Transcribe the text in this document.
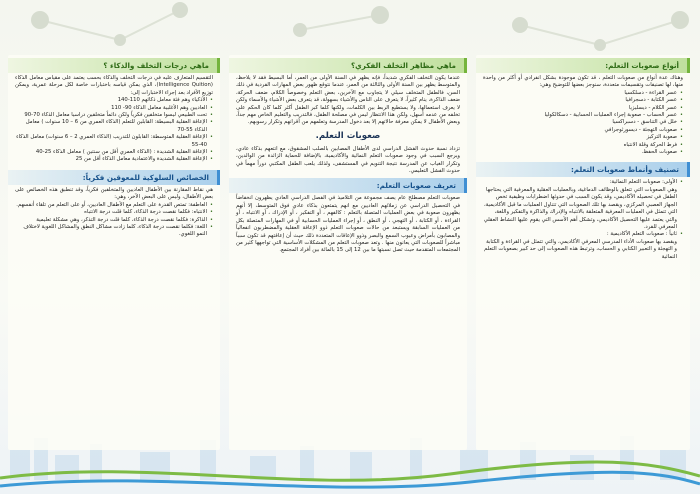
ماهي درجات التخلف والذكاء ؟

التقسيم المتعارف عليه في درجات التخلف والذكاء بحسب يعتمد على مقياس معامل الذكاء (Intelligence Quition)، الذي يمكن قياسه باختبارات خاصة لكل مرحلة عمرية، ويمكن توزيع الأفراد بعد إجراء الاختبارات إلى:

•
الأذكياء وهم فئة معامل ذكائهم 110-140
•
العاديين وهم الأغلبية معامل الذكاء 90- 110
•
تحت الطبيعي ليسوا متخلفين فكرياً ولكن دائماً متخلفين دراسيا معامل الذكاء 70-90
•
الإعاقة العقلية البسيطة: القابلين للتعلم (الذكاء العمري من 6 – 10 سنوات ) معامل الذكاء 55-70
•
الإعاقة العقلية المتوسطة: القابلون للتدريب (الذكاء العمري 2 – 6 سنوات) معامل الذكاء 40-55
•
الإعاقة العقلية الشديدة : (الذكاء العمري أقل من سنتين ) معامل الذكاء 25-40
•
الإعاقة العقلية الشديدة والاعتمادية معامل الذكاء أقل من 25
الخصائص السلوكية للمعوقين فكرياً:

هي نقاط المقارنة بين الأطفال العاديين والمتخلفين فكرياً، وقد تنطبق هذه الخصائص على بعض الأطفال، وليس على البعض الآخر، وهي:

•
العاطفة: تمتص القدرة على التعلم مع الأطفال العاديين، أو على التعلم من تلقاء أنفسهم.
•
الانتباه: فكلما نقصت درجة الذكاء، كلما قلت درجة الانتباه
•
الذاكرة: فكلما نقصت درجة الذكاء، كلما قلت درجة التذكر، وهي مشكلة تعليمية
•
اللغة: فكلما نقصت درجة الذكاء، كلما زادت مشاكل النطق والمشاكل اللغوية لاختلاف النمو اللغوي.
ماهي مظاهر التخلف الفكري؟

عندما يكون التخلف الفكري شديداً، فإنه يظهر في السنة الأولى من العمر، أما البسيط فقد لا يلاحظ، والمتوسط يظهر بين السنة الأولى والثالثة من العمر، عندما نتوقع ظهور بعض المهارات الفردية في ذلك السن، فالطفل المتخلف سيلي لا يتجاوب مع الآخرين، بعض التعلم وخصوصاً الكلام، ضعف الحركة، ضعف الذاكرة، ينام كثيراً، لا يتعرف على الناس والأشياء بسهولة، قد يتعرف بعض الأشياء والأسماء ولكن لا يعرف استعمالها، ولا يستطيع الربط بين الكلمات، ولكنها كلما كبر الطفل أكثر كلما كان الحكم على تخلفه من عدمه أسهل، ولكن هذا الانتظار ليس في مصلحة الطفل، فالتدريب والتعليم الخاص مهم جداً، وبعض الأطفال لا يمكن معرفة حالاتهم إلا بعد دخول المدرسة وتعلمهم من أقرانهم وتكرار رسوبهم.

صعوبات التعلم.

تزداد نسبة حدوث الفشل الدراسي لدى الأطفال المصابين بالصلب المشقوق، مع انتعهم بذكاء عادي، ويرجع السبب في وجود صعوبات التعلم النمائية والأكاديمية، بالإضافة للحماية الزائدة من الوالدين، وتكرار الغياب عن المدرسة نتيجة التنويم في المستشفى، ولذلك يلعب الطفل المكتبي دوراً مهماً في حدوث الفشل التعليمي.

تعريف صعوبات التعلم:

صعوبات التعلم مصطلح عام يصف مجموعة من التلاميذ في الفصل الدراسي العادي يظهرون انخفاضاً في التحصيل الدراسي عن زملائهم العاديين مع انهم يتمتعون بذكاء عادي فوق المتوسط، إلا أنهم يظهرون صعوبة في بعض العمليات المتصلة بالتعلم : كالفهم ، أو التفكير ، أو الإدراك ، أو الانتباه ، أو القراءة ، أو الكتابة ، أو التهجي ، أو النطق ، أو إجراء العمليات الحسابية أو في المهارات المتصلة بكل من العمليات السابقة ويستبعد من حالات صعوبات التعلم ذوو الإعاقة العقلية والمضطربون انفعالياً والمصابون بأمراض وعيوب السمع والبصر وذوو الإعاقات المتعددة ذلك حيث أن إعاقتهم قد تكون سبباً مباشراً للصعوبات التي يعانون منها . وتعد صعوبات التعلم من المشكلات الأساسية التي تواجهها كثير من المجتمعات المتقدمة حيث تصل نسبتها ما بين 12 إلى 15 بالمائة بين أفراد المجتمع.

أنواع صعوبات التعلم:

وهناك عدة أنواع من صعوبات التعلم ، قد تكون موجودة بشكل انفرادي أو أكثر من واحدة منها، لها تصنيفات وتقسيمات متعددة، سنوجز بعضها للتوضيح وهي:

•
عسر القراءة - دسلكسيا
•
عسر الكتابة - دسجرافيا
•
عسر الكلام - ديسليزيا
•
عسر الحساب - صعوبة إجراء العمليات الحسابية - دسكالكوليا
•
خلل في التناسق - دسبراكسيا
•
صعوبات التهجئة - ديسورثوجرافي
•
صعوبة التركيز
•
فرط الحركة وقلة الانتباه
•
صعوبات الحفظ.
تصنيف وأنماط صعوبات التعلم:
•
الأولى: صعوبات التعلم النمائية:
وهي الصعوبات التي تتعلق بالوظائف الدماغية، وبالعمليات العقلية والمعرفية التي يحتاجها الطفل في تحصيله الأكاديمي، وقد يكون السبب في حدوثها اضطرابات وظيفية تخص الجهاز العصبي المركزي، ويقصد بها تلك الصعوبات التي تتناول العمليات ما قبل الأكاديمية، التي تتمثل في العمليات المعرفية المتعلقة بالانتباه والإدراك والذاكرة والتفكير واللغة، والتي يعتمد عليها التحصيل الأكاديمي، وتشكل أهم الأسس التي يقوم عليها النشاط العقلي المعرفي للفرد.
•
ثانياً : صعوبات التعلم الأكاديمية :
ويقصد بها صعوبات الأداء المدرسي المعرفي الأكاديمي، والتي تتمثل في القراءة و الكتابة و التهجئة و التعبير الكتابي و الحساب، وترتبط هذه الصعوبات إلى حد كبير بصعوبات التعلم النمائية
